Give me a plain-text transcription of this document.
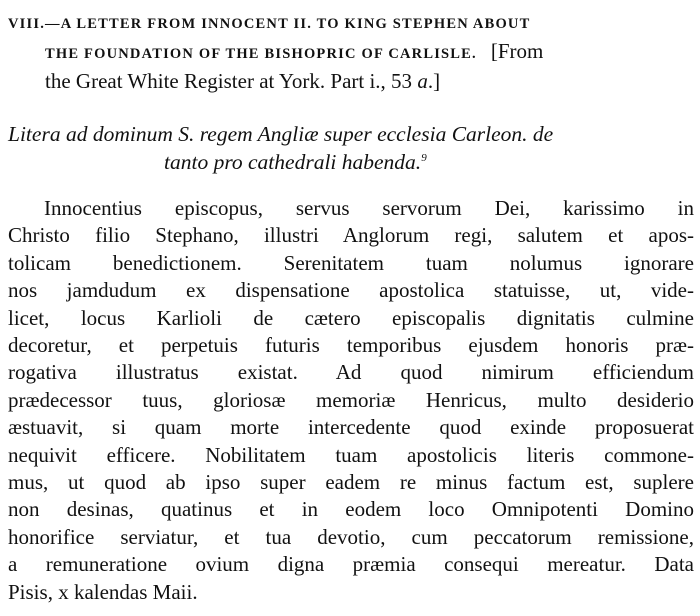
VIII.—A LETTER FROM INNOCENT II. TO KING STEPHEN ABOUT
THE FOUNDATION OF THE BISHOPRIC OF CARLISLE. [From
the Great White Register at York. Part i., 53 a.]
Litera ad dominum S. regem Angliæ super ecclesia Carleon. de
tanto pro cathedrali habenda.$^9$
Innocentius episcopus, servus servorum Dei, karissimo in
Christo filio Stephano, illustri Anglorum regi, salutem et apos-
tolicam benedictionem. Serenitatem tuam nolumus ignorare
nos jamdudum ex dispensatione apostolica statuisse, ut, vide-
licet, locus Karlioli de cætero episcopalis dignitatis culmine
decoretur, et perpetuis futuris temporibus ejusdem honoris præ-
rogativa illustratus existat. Ad quod nimirum efficiendum
prædecessor tuus, gloriosæ memoriæ Henricus, multo desiderio
æstuavit, si quam morte intercedente quod exinde proposuerat
nequivit efficere. Nobilitatem tuam apostolicis literis commone-
mus, ut quod ab ipso super eadem re minus factum est, suplere
non desinas, quatinus et in eodem loco Omnipotenti Domino
honorifice serviatur, et tua devotio, cum peccatorum remissione,
a remuneratione ovium digna præmia consequi mereatur. Data
Pisis, x kalendas Maii.
